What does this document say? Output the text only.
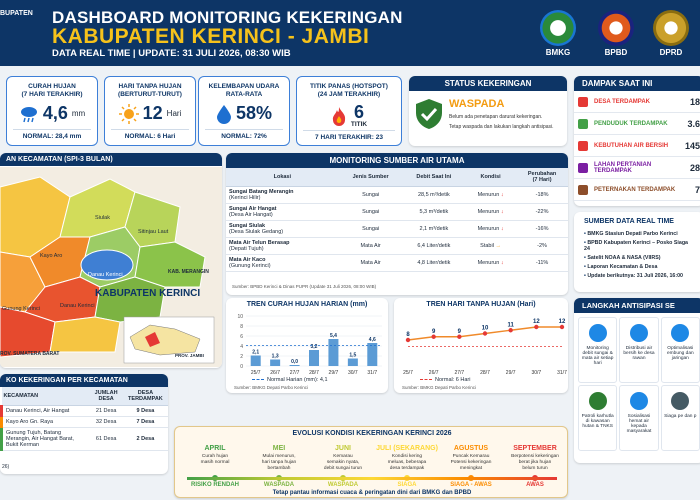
BUPATEN DASHBOARD MONITORING KEKERINGAN
KABUPATEN KERINCI - JAMBI
DATA REAL TIME | UPDATE: 31 JULI 2026, 08:30 WIB	BMKG	BPBD	DPRD
CURAH HUJAN
(7 HARI TERAKHIR)
4,6 mm
NORMAL: 28,4 mm
HARI TANPA HUJAN
(BERTURUT-TURUT)
12 Hari
NORMAL: 6 Hari
KELEMBAPAN UDARA
RATA-RATA
58%
NORMAL: 72%
TITIK PANAS (HOTSPOT)
(24 JAM TERAKHIR)
6
TITIK
7 HARI TERAKHIR: 23
STATUS KEKERINGAN
WASPADA
Belum ada penetapan darurat kekeringan.
Tetap waspada dan lakukan langkah antisipasi.
DAMPAK SAAT INI
DESA TERDAMPAK	18
PENDUDUK TERDAMPAK	3.6
KEBUTUHAN AIR BERSIH	145
LAHAN PERTANIAN TERDAMPAK	28
PETERNAKAN TERDAMPAK	7
AN KECAMATAN (SPI-3 BULAN)
Siulak
Sitinjau Laut
Kayo Aro
Danau Kerinci
Gunung Kerinci	Danau Kerinci
KAB. MERANGIN
ROV. SUMATERA BARAT	PROV. JAMBI
KABUPATEN KERINCI
MONITORING SUMBER AIR UTAMA
Lokasi	Jenis Sumber	Debit Saat Ini	Kondisi	Perubahan
(7 Hari)
Sungai Batang Merangin
(Kerinci Hilir)	Sungai	28,5 m³/detik	Menurun ↓	-18%
Sungai Air Hangat
(Desa Air Hangat)	Sungai	5,3 m³/detik	Menurun ↓	-22%
Sungai Siulak
(Desa Siulak Gedang)	Sungai	2,1 m³/detik	Menurun ↓	-16%
Mata Air Telun Berasap
(Depati Tujuh)	Mata Air	6,4 Liter/detik	Stabil →	-2%
Mata Air Kaco
(Gunung Kerinci)	Mata Air	4,8 Liter/detik	Menurun ↓	-11%
Sumber: BPBD Kerinci & Dinas PUPR (Update 31 Juli 2026, 08:00 WIB)
SUMBER DATA REAL TIME
• BMKG Stasiun Depati Parbo Kerinci
• BPBD Kabupaten Kerinci – Posko Siaga 24
• Satelit NOAA & NASA (VIIRS)
• Laporan Kecamatan & Desa
• Update berikutnya: 31 Juli 2026, 16:00
TREN CURAH HUJAN HARIAN (mm)
10
8
6
4
2
0
2,1
25/7
1,3
26/7
0,0
27/7
3,2
28/7
5,4
29/7
1,5
30/7
4,6
31/7
Normal Harian (mm): 4,1
Sumber: BMKG Depati Parbo Kerinci
TREN HARI TANPA HUJAN (Hari)
8
25/7
9
26/7
9
27/7
10
28/7
11
29/7
12
30/7
12
31/7
Normal: 6 Hari
Sumber: BMKG Depati Parbo Kerinci
LANGKAH ANTISIPASI SE
Monitoring debit sungai & mata air setiap hari
Distribusi air bersih ke desa rawan
Optimalisasi embung dan jaringan
Patroli karhutla di kawasan hutan & TNKS
Sosialisasi hemat air kepada masyarakat
Siaga pe dan p
KO KEKERINGAN PER KECAMATAN
KECAMATAN	JUMLAH DESA	DESA TERDAMPAK
Danau Kerinci, Air Hangat	21 Desa	9 Desa
Kayo Aro Gn. Raya	32 Desa	7 Desa
Gunung Tujuh, Batang Merangin, Air Hangat Barat, Bukit Kerman	61 Desa	2 Desa
26)
EVOLUSI KONDISI KEKERINGAN KERINCI 2026
APRIL
Curah hujan
masih normal
RISIKO RENDAH
MEI
Mulai menurun,
hari tanpa hujan
bertambah
WASPADA
JUNI
Kemarau
semakin nyata,
debit sungai turun
WASPADA
JULI (SEKARANG)
Kondisi kering
meluas, beberapa
desa terdampak
SIAGA
AGUSTUS
Puncak Kemarau
Potensi kekeringan
meningkat
SIAGA - AWAS
SEPTEMBER
Berpotensi kekeringan
berat jika hujan
belum turun
AWAS
Tetap pantau informasi cuaca & peringatan dini dari BMKG dan BPBD
